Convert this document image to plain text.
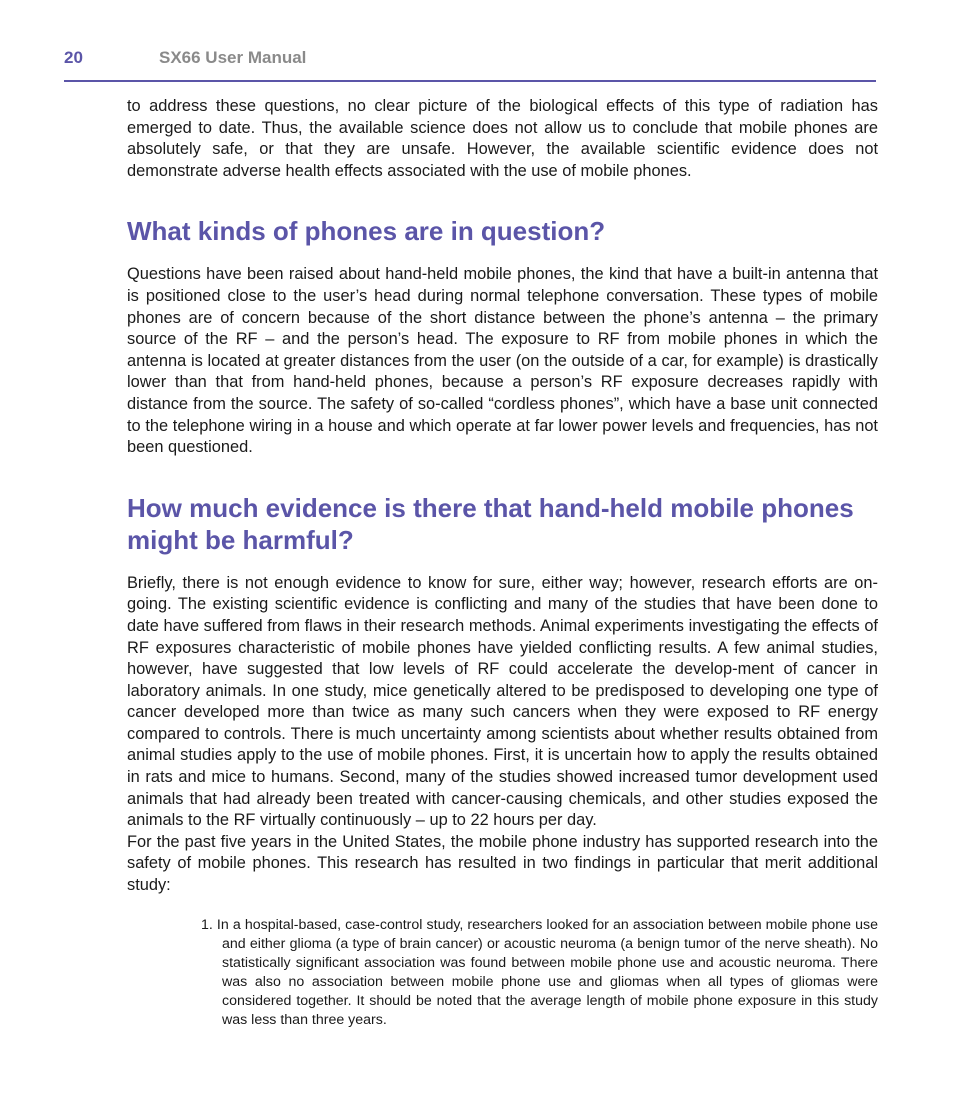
20	SX66 User Manual

to address these questions, no clear picture of the biological effects of this type of radiation has emerged to date. Thus, the available science does not allow us to conclude that mobile phones are absolutely safe, or that they are unsafe. However, the available scientific evidence does not demonstrate adverse health effects associated with the use of mobile phones.

What kinds of phones are in question?

Questions have been raised about hand-held mobile phones, the kind that have a built-in antenna that is positioned close to the user’s head during normal telephone conversation. These types of mobile phones are of concern because of the short distance between the phone’s antenna – the primary source of the RF – and the person’s head. The exposure to RF from mobile phones in which the antenna is located at greater distances from the user (on the outside of a car, for example) is drastically lower than that from hand-held phones, because a person’s RF exposure decreases rapidly with distance from the source. The safety of so-called “cordless phones”, which have a base unit connected to the telephone wiring in a house and which operate at far lower power levels and frequencies, has not been questioned.

How much evidence is there that hand-held mobile phones might be harmful?

Briefly, there is not enough evidence to know for sure, either way; however, research efforts are on-going. The existing scientific evidence is conflicting and many of the studies that have been done to date have suffered from flaws in their research methods. Animal experiments investigating the effects of RF exposures characteristic of mobile phones have yielded conflicting results. A few animal studies, however, have suggested that low levels of RF could accelerate the develop-ment of cancer in laboratory animals. In one study, mice genetically altered to be predisposed to developing one type of cancer developed more than twice as many such cancers when they were exposed to RF energy compared to controls. There is much uncertainty among scientists about whether results obtained from animal studies apply to the use of mobile phones. First, it is uncertain how to apply the results obtained in rats and mice to humans. Second, many of the studies showed increased tumor development used animals that had already been treated with cancer-causing chemicals, and other studies exposed the animals to the RF virtually continuously – up to 22 hours per day.

For the past five years in the United States, the mobile phone industry has supported research into the safety of mobile phones. This research has resulted in two findings in particular that merit additional study:

1. In a hospital-based, case-control study, researchers looked for an association between mobile phone use and either glioma (a type of brain cancer) or acoustic neuroma (a benign tumor of the nerve sheath). No statistically significant association was found between mobile phone use and acoustic neuroma. There was also no association between mobile phone use and gliomas when all types of gliomas were considered together. It should be noted that the average length of mobile phone exposure in this study was less than three years.
